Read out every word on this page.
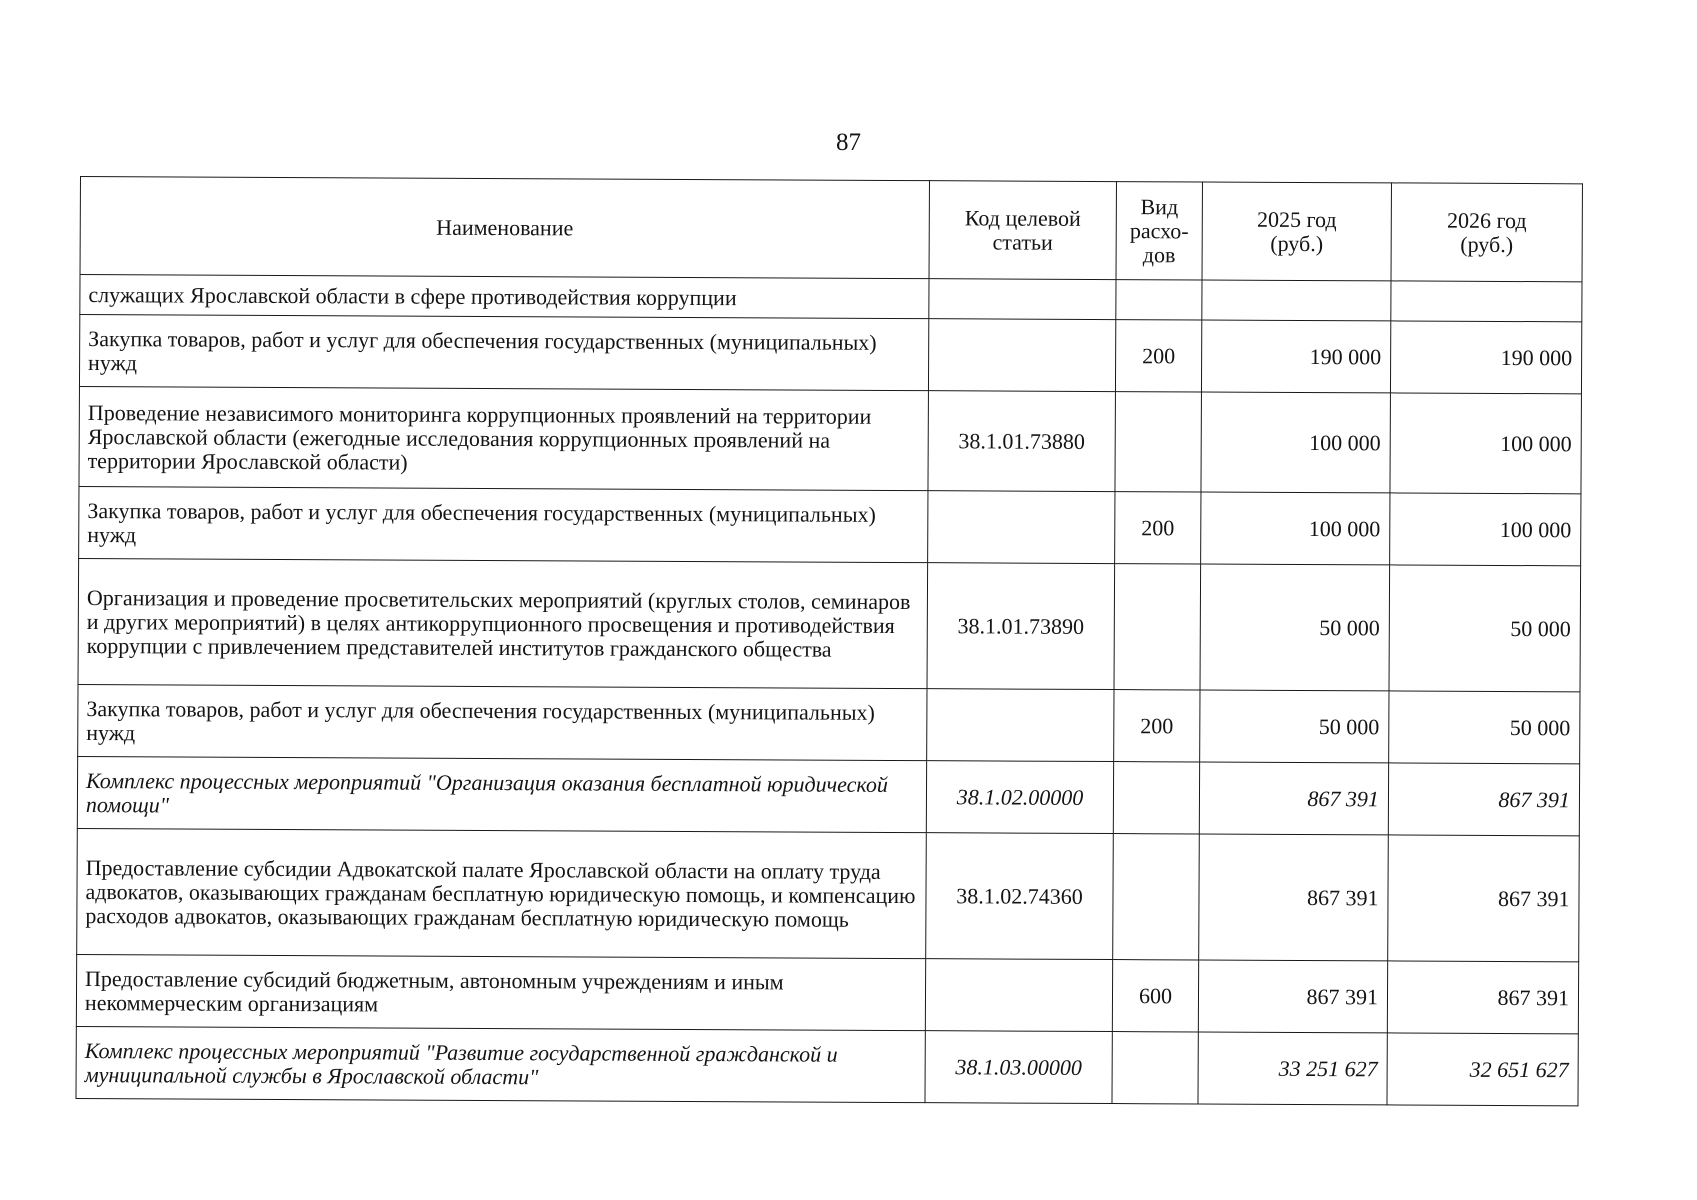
87
Наименование	Код целевой статьи	Вид расхо-дов	2025 год (руб.)	2026 год (руб.)
служащих Ярославской области в сфере противодействия коррупции				
Закупка товаров, работ и услуг для обеспечения государственных (муниципальных) нужд		200	190 000	190 000
Проведение независимого мониторинга коррупционных проявлений на территории Ярославской области (ежегодные исследования коррупционных проявлений на территории Ярославской области)	38.1.01.73880		100 000	100 000
Закупка товаров, работ и услуг для обеспечения государственных (муниципальных) нужд		200	100 000	100 000
Организация и проведение просветительских мероприятий (круглых столов, семинаров и других мероприятий) в целях антикоррупционного просвещения и противодействия коррупции с привлечением представителей институтов гражданского общества	38.1.01.73890		50 000	50 000
Закупка товаров, работ и услуг для обеспечения государственных (муниципальных) нужд		200	50 000	50 000
Комплекс процессных мероприятий "Организация оказания бесплатной юридической помощи"	38.1.02.00000		867 391	867 391
Предоставление субсидии Адвокатской палате Ярославской области на оплату труда адвокатов, оказывающих гражданам бесплатную юридическую помощь, и компенсацию расходов адвокатов, оказывающих гражданам бесплатную юридическую помощь	38.1.02.74360		867 391	867 391
Предоставление субсидий бюджетным, автономным учреждениям и иным некоммерческим организациям		600	867 391	867 391
Комплекс процессных мероприятий "Развитие государственной гражданской и муниципальной службы в Ярославской области"	38.1.03.00000		33 251 627	32 651 627
